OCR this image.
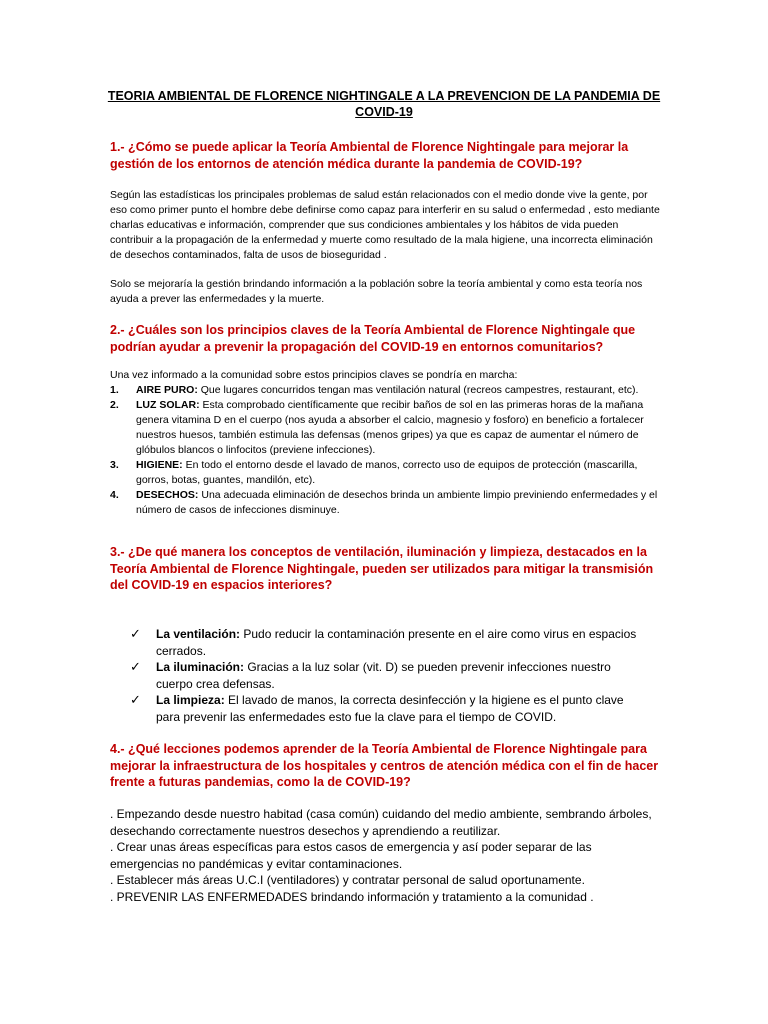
TEORIA AMBIENTAL DE FLORENCE NIGHTINGALE A LA PREVENCION DE LA PANDEMIA DE COVID-19
1.- ¿Cómo se puede aplicar la Teoría Ambiental de Florence Nightingale para mejorar la gestión de los entornos de atención médica durante la pandemia de COVID-19?
Según las estadísticas los principales problemas de salud están relacionados con el medio donde vive la gente, por eso como primer punto el hombre debe definirse como capaz para interferir en su salud o enfermedad , esto mediante charlas educativas e información, comprender que sus condiciones ambientales y los hábitos de vida pueden contribuir a la propagación de la enfermedad y muerte como resultado de la mala higiene, una incorrecta eliminación de desechos contaminados, falta de usos de bioseguridad .
Solo se mejoraría la gestión brindando información a la población sobre la teoría ambiental y como esta teoría nos ayuda a prever las enfermedades y la muerte.
2.- ¿Cuáles son los principios claves de la Teoría Ambiental de Florence Nightingale que podrían ayudar a prevenir la propagación del COVID-19 en entornos comunitarios?
Una vez informado a la comunidad sobre estos principios claves se pondría en marcha:
1.	AIRE PURO: Que lugares concurridos tengan mas ventilación natural (recreos campestres, restaurant, etc).
2.	LUZ SOLAR: Esta comprobado científicamente que recibir baños de sol en las primeras horas de la mañana genera vitamina D en el cuerpo (nos ayuda a absorber el calcio, magnesio y fosforo) en beneficio a fortalecer nuestros huesos, también estimula las defensas (menos gripes) ya que es capaz de aumentar el número de glóbulos blancos o linfocitos (previene infecciones).
3.	HIGIENE: En todo el entorno desde el lavado de manos, correcto uso de equipos de protección (mascarilla, gorros, botas, guantes, mandilón, etc).
4.	DESECHOS: Una adecuada eliminación de desechos brinda un ambiente limpio previniendo enfermedades y el número de casos de infecciones disminuye.
3.- ¿De qué manera los conceptos de ventilación, iluminación y limpieza, destacados en la Teoría Ambiental de Florence Nightingale, pueden ser utilizados para mitigar la transmisión del COVID-19 en espacios interiores?
✓	La ventilación: Pudo reducir la contaminación presente en el aire como virus en espacios cerrados.
✓	La iluminación: Gracias a la luz solar (vit. D) se pueden prevenir infecciones nuestro cuerpo crea defensas.
✓	La limpieza: El lavado de manos, la correcta desinfección y la higiene es el punto clave para prevenir las enfermedades esto fue la clave para el tiempo de COVID.
4.- ¿Qué lecciones podemos aprender de la Teoría Ambiental de Florence Nightingale para mejorar la infraestructura de los hospitales y centros de atención médica con el fin de hacer frente a futuras pandemias, como la de COVID-19?
. Empezando desde nuestro habitad (casa común) cuidando del medio ambiente, sembrando árboles, desechando correctamente nuestros desechos y aprendiendo a reutilizar.
. Crear unas áreas específicas para estos casos de emergencia y así poder separar de las emergencias no pandémicas y evitar contaminaciones.
. Establecer más áreas U.C.I (ventiladores) y contratar personal de salud oportunamente.
. PREVENIR LAS ENFERMEDADES brindando información y tratamiento a la comunidad .
